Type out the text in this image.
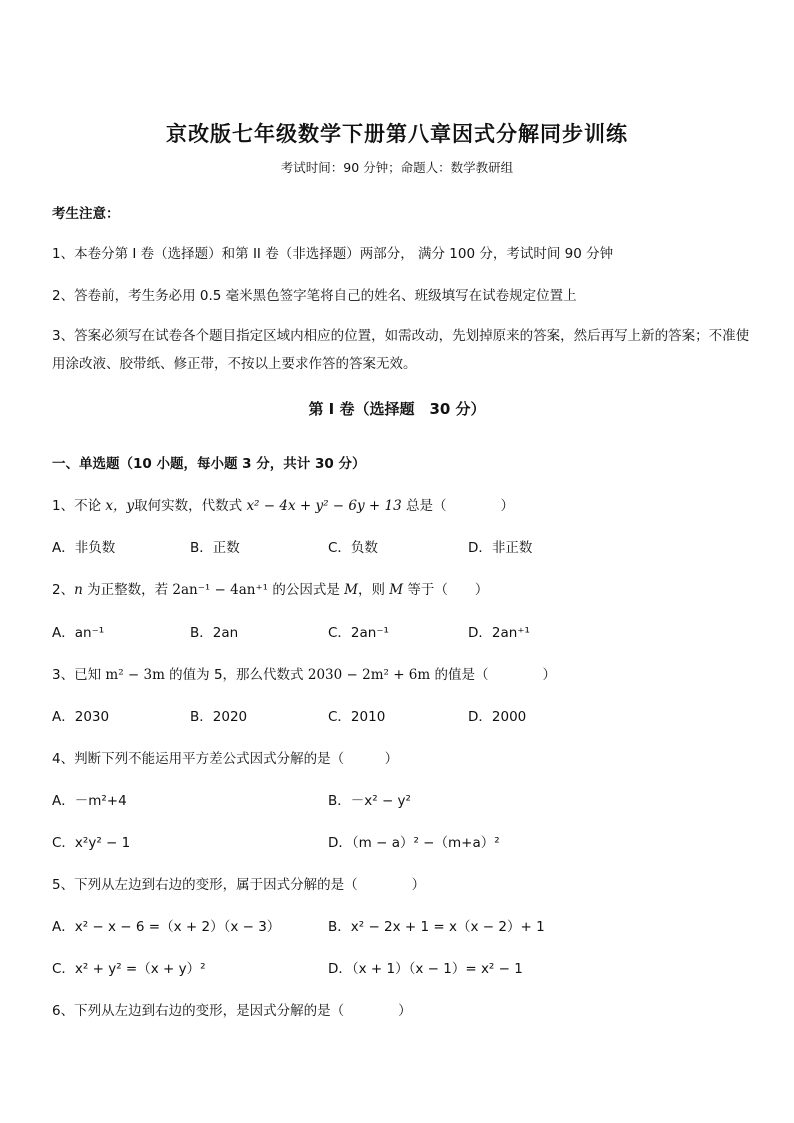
京改版七年级数学下册第八章因式分解同步训练
考试时间：90 分钟；命题人：数学教研组
考生注意：
1、本卷分第 I 卷（选择题）和第 II 卷（非选择题）两部分， 满分 100 分，考试时间 90 分钟
2、答卷前，考生务必用 0.5 毫米黑色签字笔将自己的姓名、班级填写在试卷规定位置上
3、答案必须写在试卷各个题目指定区域内相应的位置，如需改动，先划掉原来的答案，然后再写上新的答案；不准使用涂改液、胶带纸、修正带，不按以上要求作答的答案无效。
第 I 卷（选择题　30 分）
一、单选题（10 小题，每小题 3 分，共计 30 分）
1、不论 x，y取何实数，代数式 x² − 4x + y² − 6y + 13 总是（　　　　）
A．非负数	B．正数	C．负数	D．非正数
2、n 为正整数，若 2an⁻¹ − 4an⁺¹ 的公因式是 M，则 M 等于（　　）
A．an⁻¹	B．2an	C．2an⁻¹	D．2an⁺¹
3、已知 m² − 3m 的值为 5，那么代数式 2030 − 2m² + 6m 的值是（　　　　）
A．2030	B．2020	C．2010	D．2000
4、判断下列不能运用平方差公式因式分解的是（　　　）
A．－m²+4	B．－x² − y²
C．x²y² − 1	D．（m − a）² −（m+a）²
5、下列从左边到右边的变形，属于因式分解的是（　　　　）
A．x² − x − 6 =（x + 2）（x − 3）	B．x² − 2x + 1 = x（x − 2）+ 1
C．x² + y² =（x + y）²	D．（x + 1）（x − 1）= x² − 1
6、下列从左边到右边的变形，是因式分解的是（　　　　）
